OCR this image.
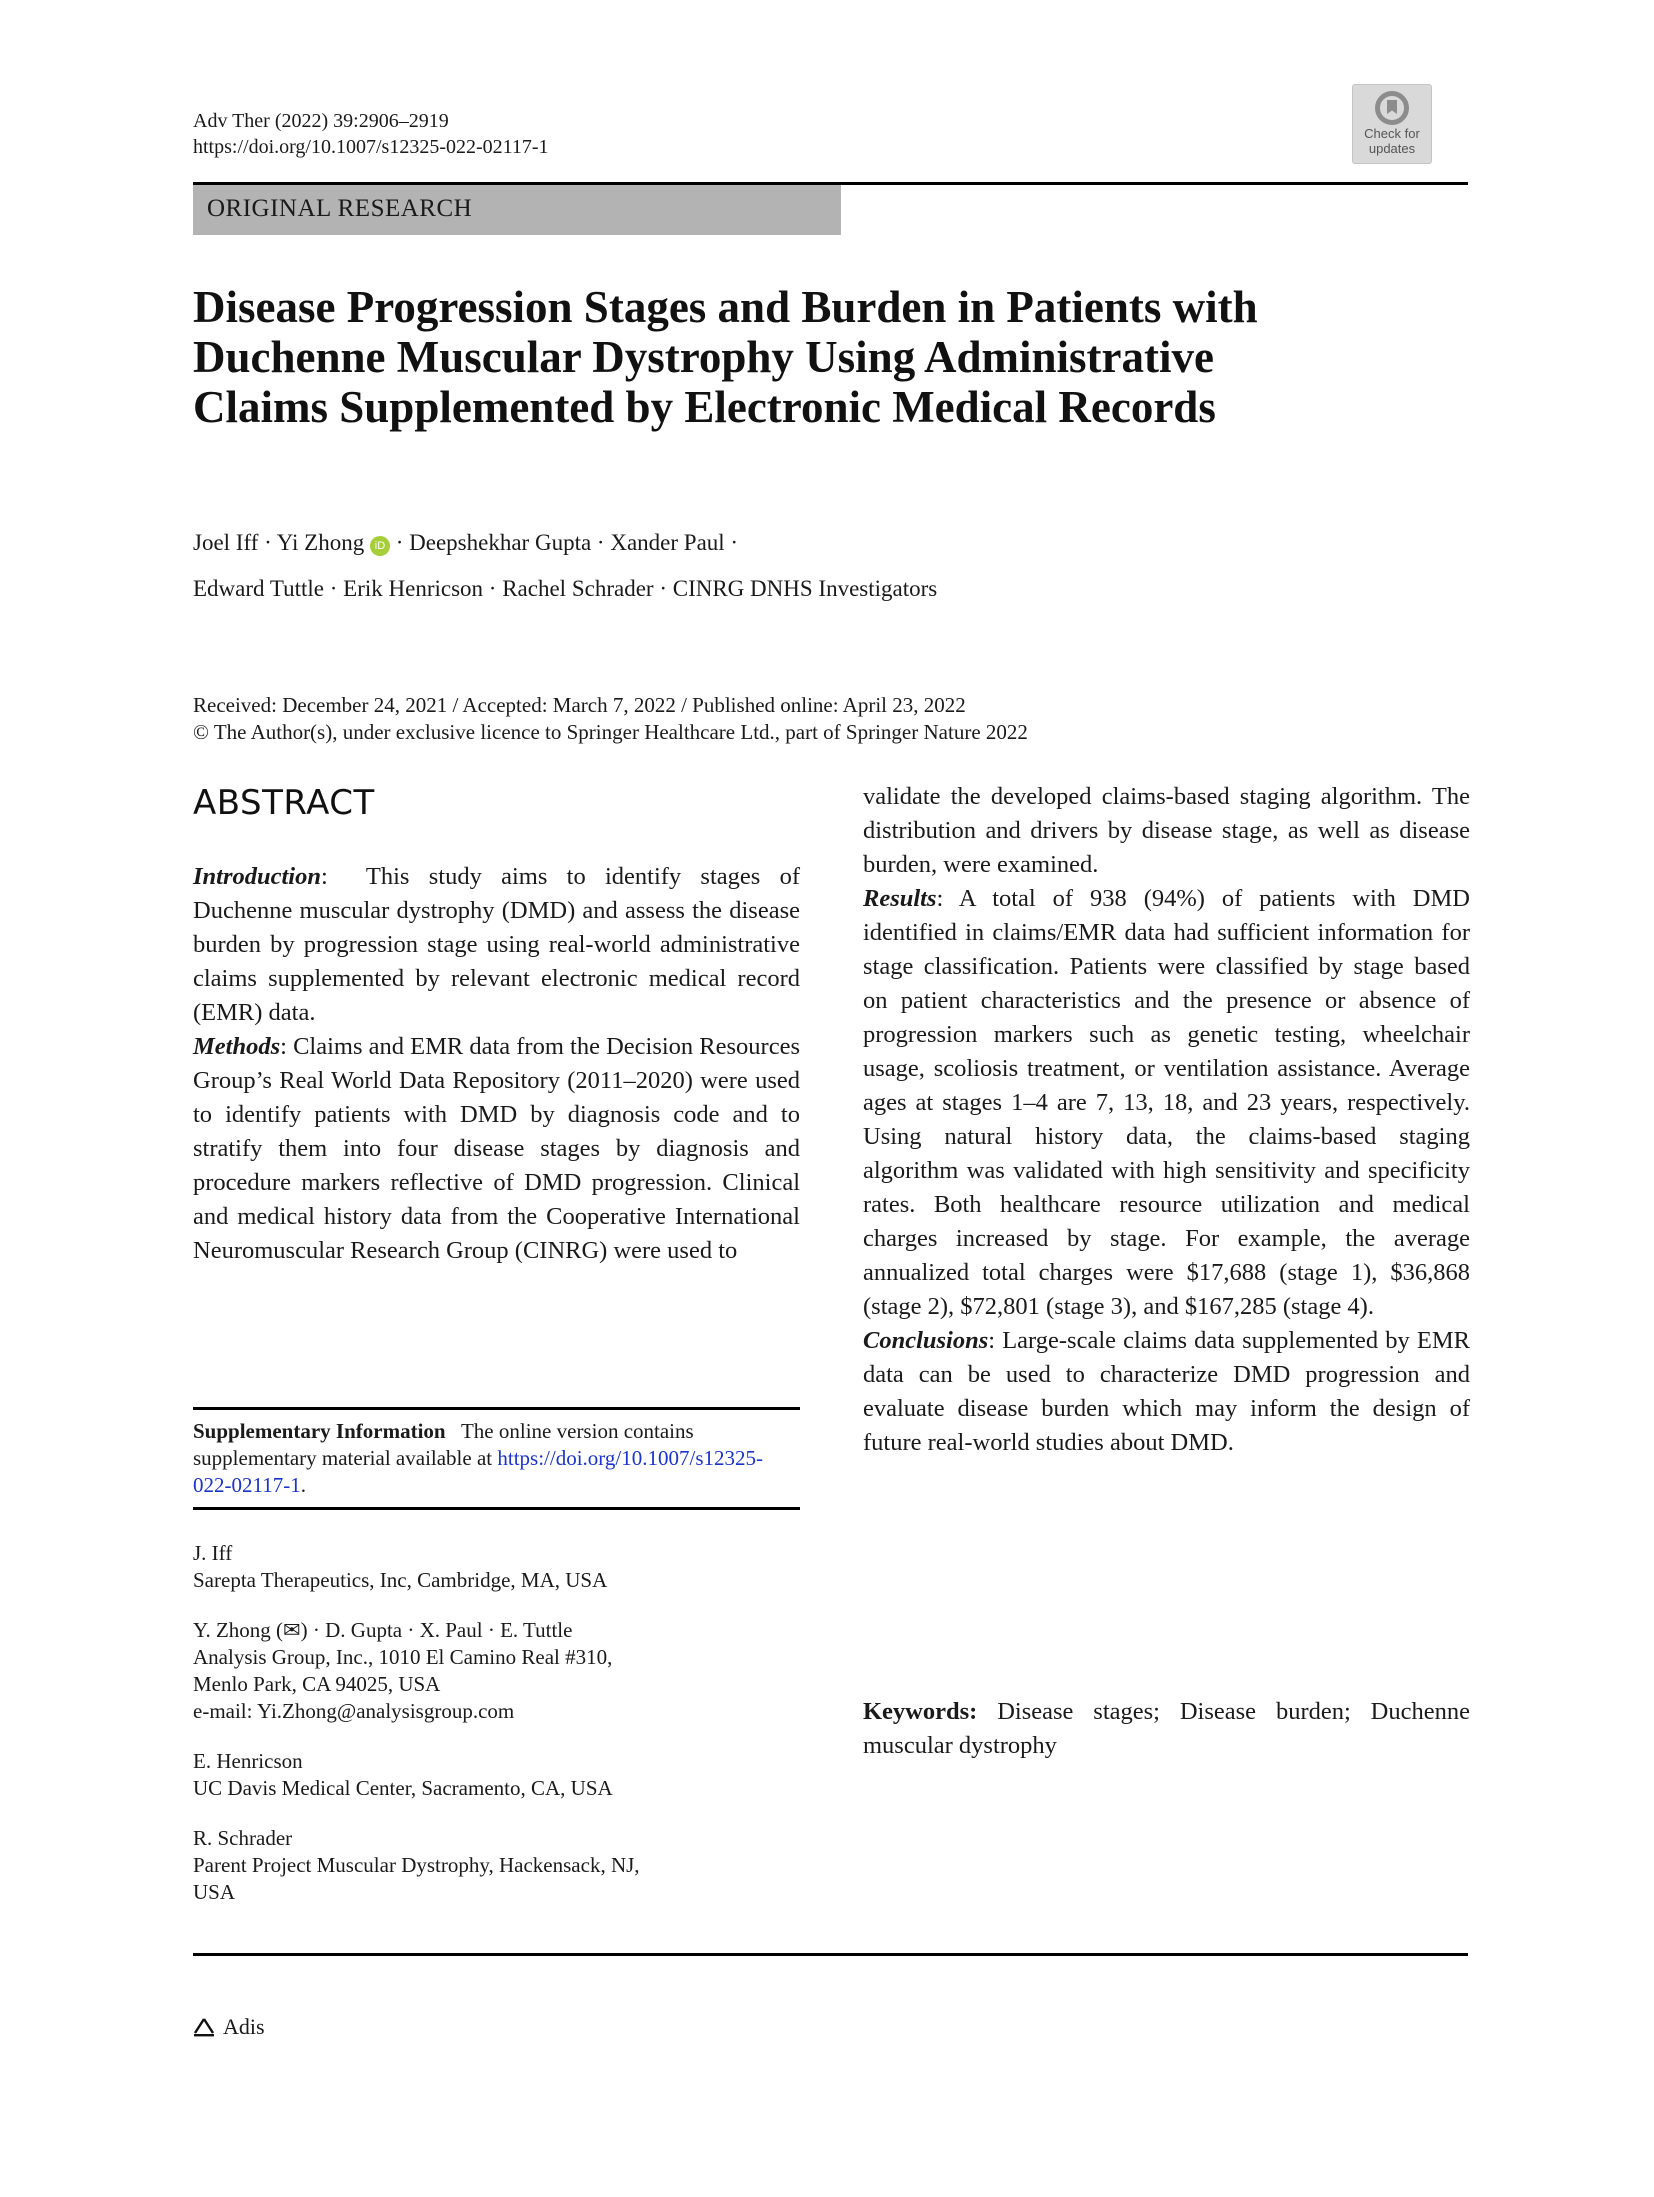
Adv Ther (2022) 39:2906–2919
https://doi.org/10.1007/s12325-022-02117-1
Check for
updates
ORIGINAL RESEARCH
Disease Progression Stages and Burden in Patients with Duchenne Muscular Dystrophy Using Administrative Claims Supplemented by Electronic Medical Records
Joel Iff · Yi Zhong iD · Deepshekhar Gupta · Xander Paul ·
Edward Tuttle · Erik Henricson · Rachel Schrader · CINRG DNHS Investigators
Received: December 24, 2021 / Accepted: March 7, 2022 / Published online: April 23, 2022
© The Author(s), under exclusive licence to Springer Healthcare Ltd., part of Springer Nature 2022
ABSTRACT

Introduction:  This study aims to identify stages of Duchenne muscular dystrophy (DMD) and assess the disease burden by progression stage using real-world administrative claims supplemented by relevant electronic medical record (EMR) data.

Methods: Claims and EMR data from the Decision Resources Group’s Real World Data Repository (2011–2020) were used to identify patients with DMD by diagnosis code and to stratify them into four disease stages by diagnosis and procedure markers reflective of DMD progression. Clinical and medical history data from the Cooperative International Neuromuscular Research Group (CINRG) were used to

Supplementary Information The online version contains supplementary material available at https://doi.org/10.1007/s12325-022-02117-1.
J. Iff
Sarepta Therapeutics, Inc, Cambridge, MA, USA
Y. Zhong (✉) · D. Gupta · X. Paul · E. Tuttle
Analysis Group, Inc., 1010 El Camino Real #310,
Menlo Park, CA 94025, USA
e-mail: Yi.Zhong@analysisgroup.com
E. Henricson
UC Davis Medical Center, Sacramento, CA, USA
R. Schrader
Parent Project Muscular Dystrophy, Hackensack, NJ,
USA

validate the developed claims-based staging algorithm. The distribution and drivers by disease stage, as well as disease burden, were examined.

Results: A total of 938 (94%) of patients with DMD identified in claims/EMR data had sufficient information for stage classification. Patients were classified by stage based on patient characteristics and the presence or absence of progression markers such as genetic testing, wheelchair usage, scoliosis treatment, or ventilation assistance. Average ages at stages 1–4 are 7, 13, 18, and 23 years, respectively. Using natural history data, the claims-based staging algorithm was validated with high sensitivity and specificity rates. Both healthcare resource utilization and medical charges increased by stage. For example, the average annualized total charges were $17,688 (stage 1), $36,868 (stage 2), $72,801 (stage 3), and $167,285 (stage 4).

Conclusions: Large-scale claims data supplemented by EMR data can be used to characterize DMD progression and evaluate disease burden which may inform the design of future real-world studies about DMD.

Keywords: Disease stages; Disease burden; Duchenne muscular dystrophy
Adis
